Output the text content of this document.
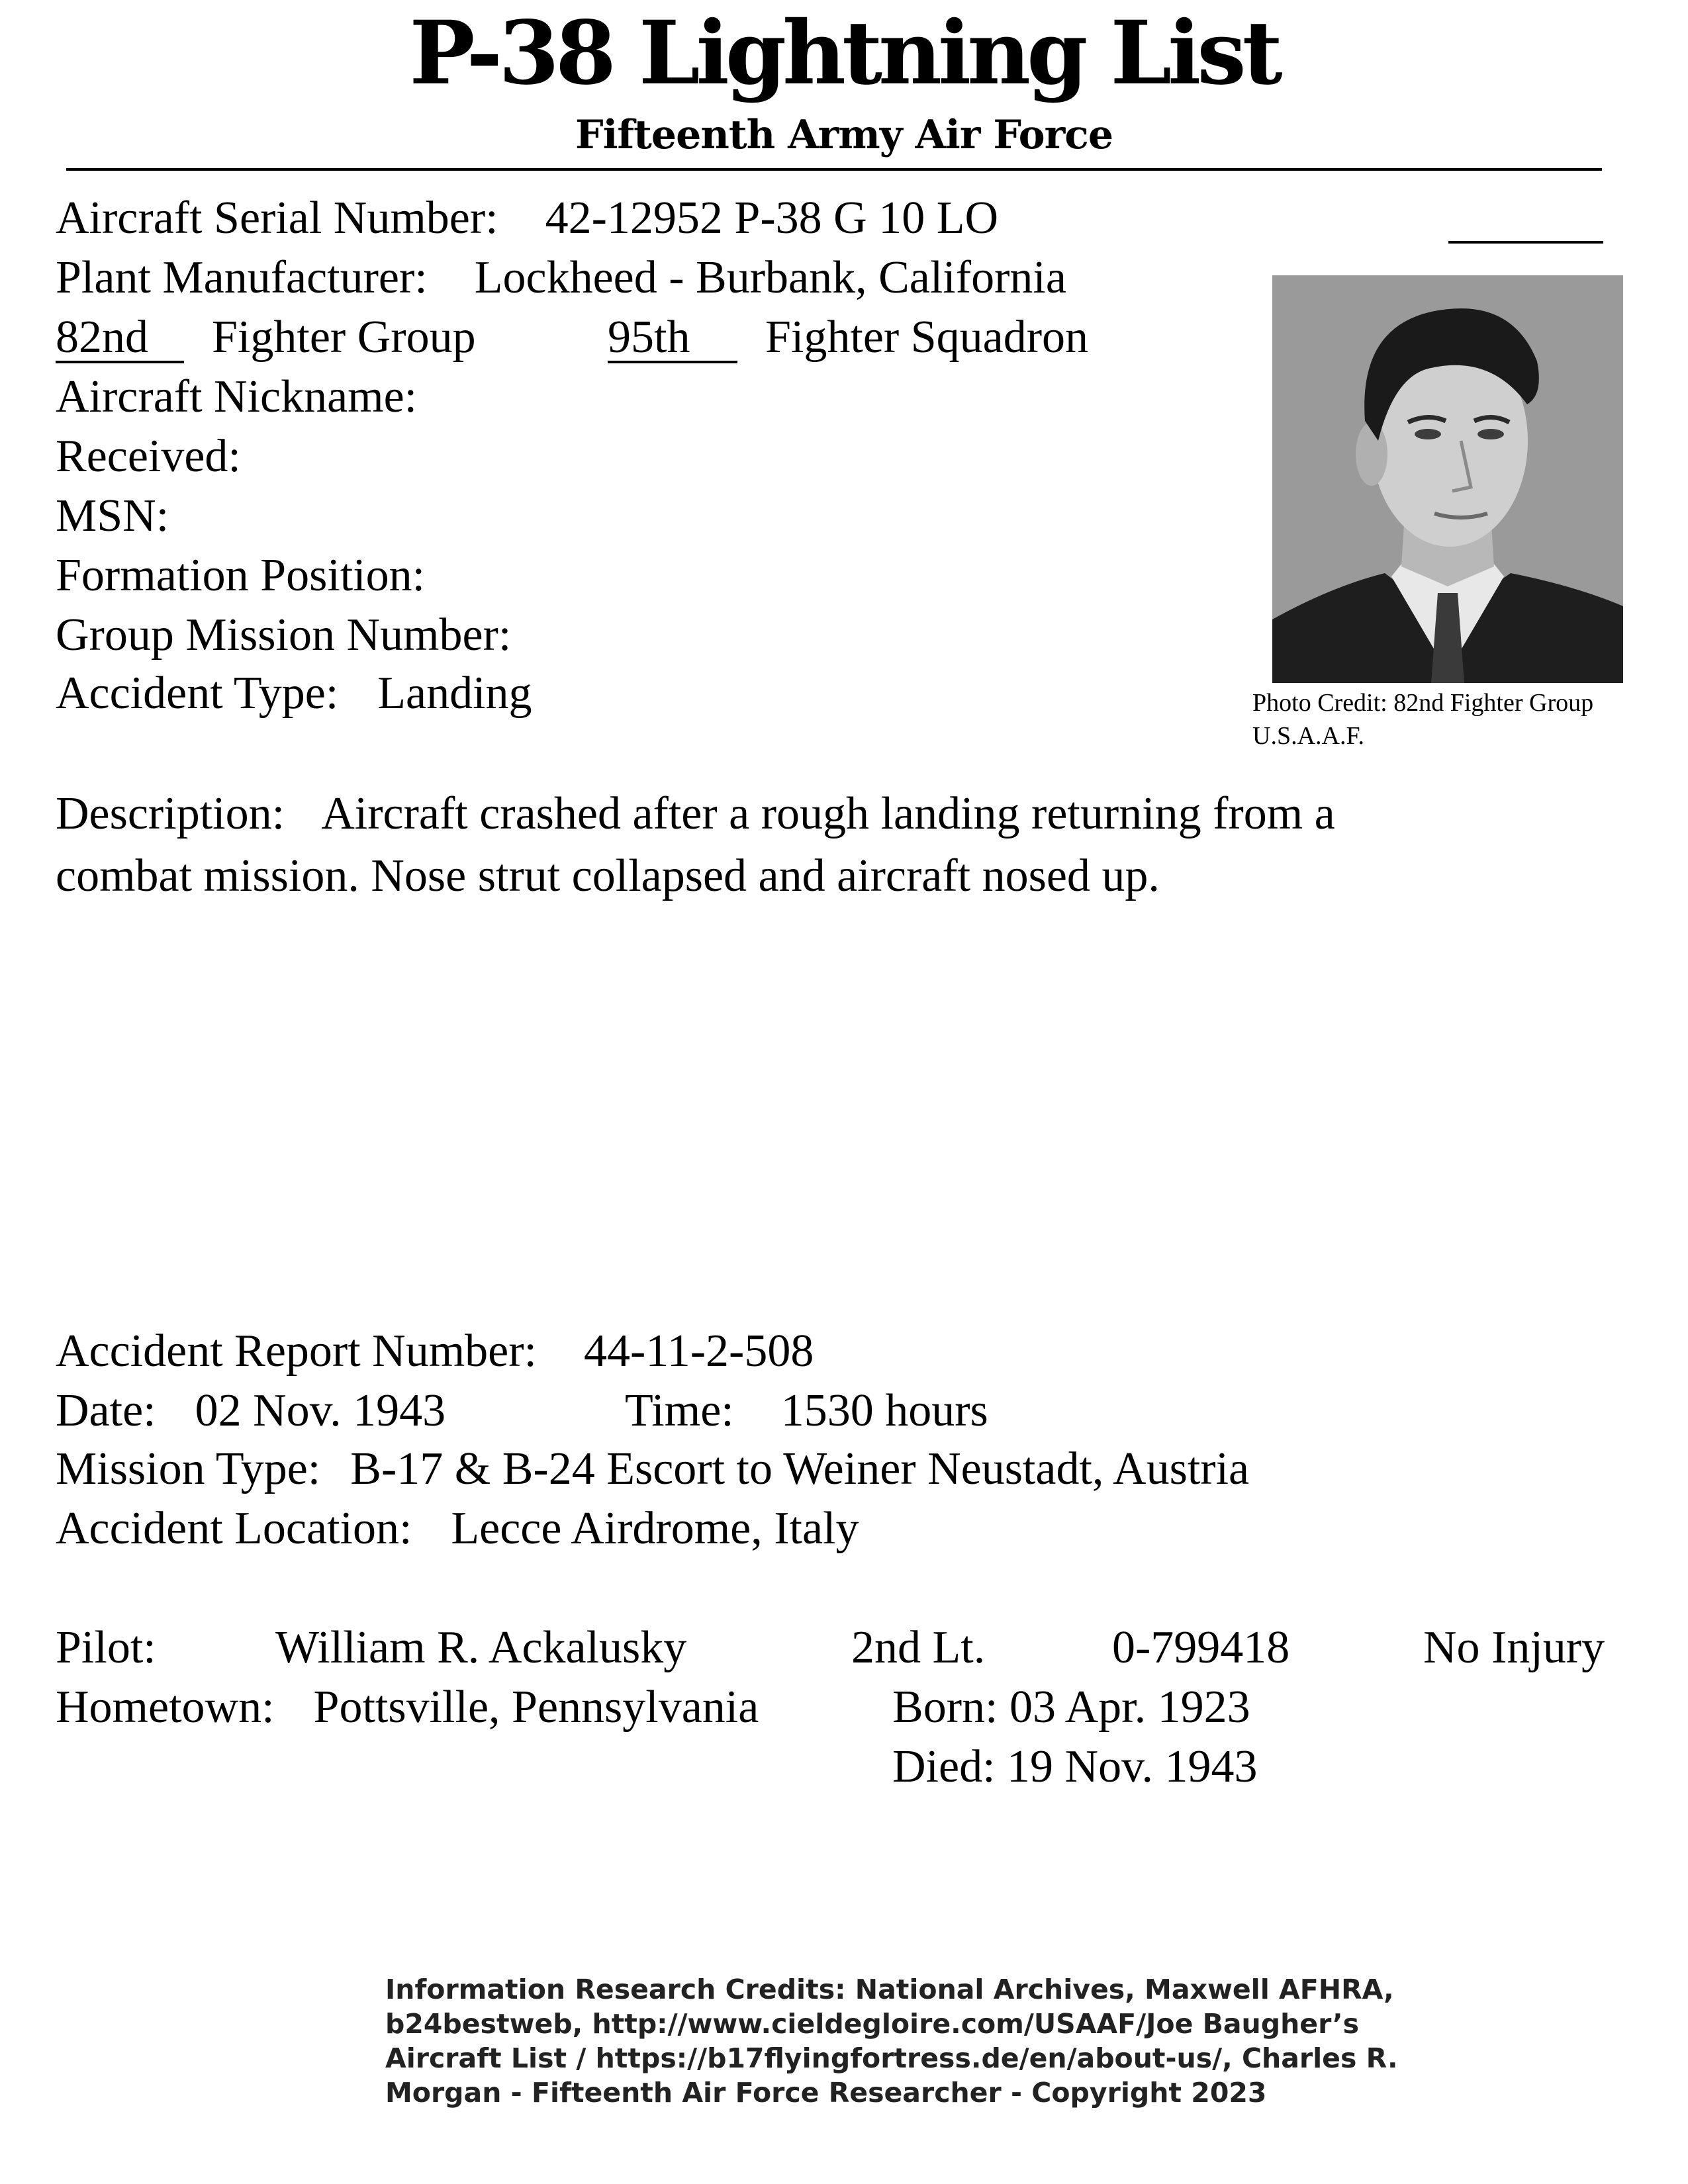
P-38 Lightning List
Fifteenth Army Air Force
Aircraft Serial Number: 42-12952 P-38 G 10 LO
Plant Manufacturer: Lockheed - Burbank, California
82nd	Fighter Group	95th	Fighter Squadron
Aircraft Nickname:
Received:
MSN:
Formation Position:
Group Mission Number:
Accident Type: Landing	Photo Credit: 82nd Fighter Group
U.S.A.A.F.
Description: Aircraft crashed after a rough landing returning from a
combat mission. Nose strut collapsed and aircraft nosed up.
Accident Report Number: 44-11-2-508
Date: 02 Nov. 1943	Time: 1530 hours
Mission Type: B-17 & B-24 Escort to Weiner Neustadt, Austria
Accident Location: Lecce Airdrome, Italy
Pilot:	William R. Ackalusky	2nd Lt.	0-799418	No Injury
Hometown: Pottsville, Pennsylvania	Born: 03 Apr. 1923
Died: 19 Nov. 1943
Information Research Credits: National Archives, Maxwell AFHRA,
b24bestweb, http://www.cieldegloire.com/USAAF/Joe Baugher’s
Aircraft List / https://b17flyingfortress.de/en/about-us/, Charles R.
Morgan - Fifteenth Air Force Researcher - Copyright 2023
